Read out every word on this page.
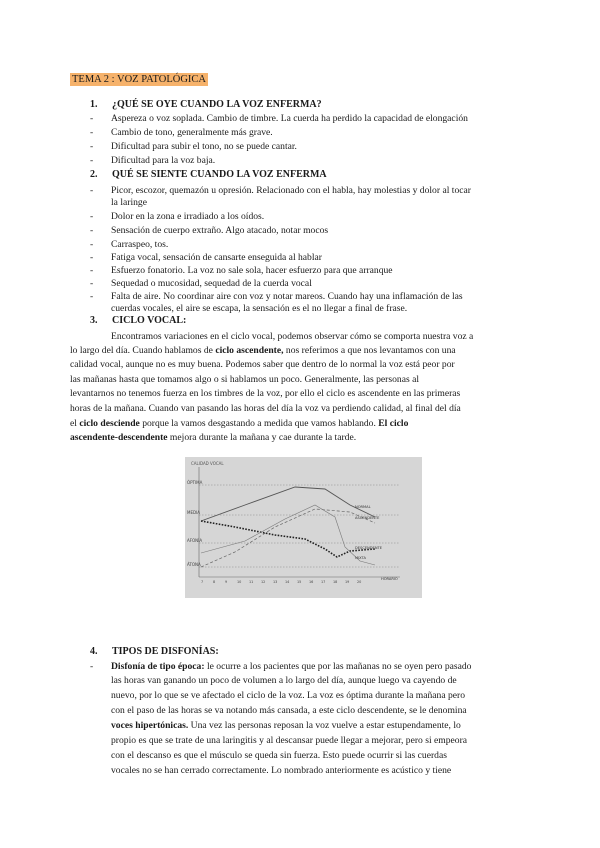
TEMA 2 : VOZ PATOLÓGICA
1. ¿QUÉ SE OYE CUANDO LA VOZ ENFERMA?
- Aspereza o voz soplada. Cambio de timbre. La cuerda ha perdido la capacidad de elongación
- Cambio de tono, generalmente más grave.
- Dificultad para subir el tono, no se puede cantar.
- Dificultad para la voz baja.
2. QUÉ SE SIENTE CUANDO LA VOZ ENFERMA
- Picor, escozor, quemazón u opresión. Relacionado con el habla, hay molestias y dolor al tocar
la laringe
- Dolor en la zona e irradiado a los oídos.
- Sensación de cuerpo extraño. Algo atacado, notar mocos
- Carraspeo, tos.
- Fatiga vocal, sensación de cansarte enseguida al hablar
- Esfuerzo fonatorio. La voz no sale sola, hacer esfuerzo para que arranque
- Sequedad o mucosidad, sequedad de la cuerda vocal
- Falta de aire. No coordinar aire con voz y notar mareos. Cuando hay una inflamación de las
cuerdas vocales, el aire se escapa, la sensación es el no llegar a final de frase.
3. CICLO VOCAL:
Encontramos variaciones en el ciclo vocal, podemos observar cómo se comporta nuestra voz a
lo largo del día. Cuando hablamos de ciclo ascendente, nos referimos a que nos levantamos con una
calidad vocal, aunque no es muy buena. Podemos saber que dentro de lo normal la voz está peor por
las mañanas hasta que tomamos algo o si hablamos un poco. Generalmente, las personas al
levantarnos no tenemos fuerza en los timbres de la voz, por ello el ciclo es ascendente en las primeras
horas de la mañana. Cuando van pasando las horas del día la voz va perdiendo calidad, al final del día
el ciclo desciende porque la vamos desgastando a medida que vamos hablando. El ciclo
ascendente-descendente mejora durante la mañana y cae durante la tarde.
CALIDAD VOCAL
ÓPTIMA
MEDIA
AFONÍA
ÁTONA
NORMAL
ASCENDENTE
DESCENDENTE
MIXTA
HORARIO
7	8	9	10 11 12 13 14 15 16 17 18 19 20
4. TIPOS DE DISFONÍAS:
- Disfonía de tipo época: le ocurre a los pacientes que por las mañanas no se oyen pero pasado
las horas van ganando un poco de volumen a lo largo del día, aunque luego va cayendo de
nuevo, por lo que se ve afectado el ciclo de la voz. La voz es óptima durante la mañana pero
con el paso de las horas se va notando más cansada, a este ciclo descendente, se le denomina
voces hipertónicas. Una vez las personas reposan la voz vuelve a estar estupendamente, lo
propio es que se trate de una laringitis y al descansar puede llegar a mejorar, pero si empeora
con el descanso es que el músculo se queda sin fuerza. Esto puede ocurrir si las cuerdas
vocales no se han cerrado correctamente. Lo nombrado anteriormente es acústico y tiene
